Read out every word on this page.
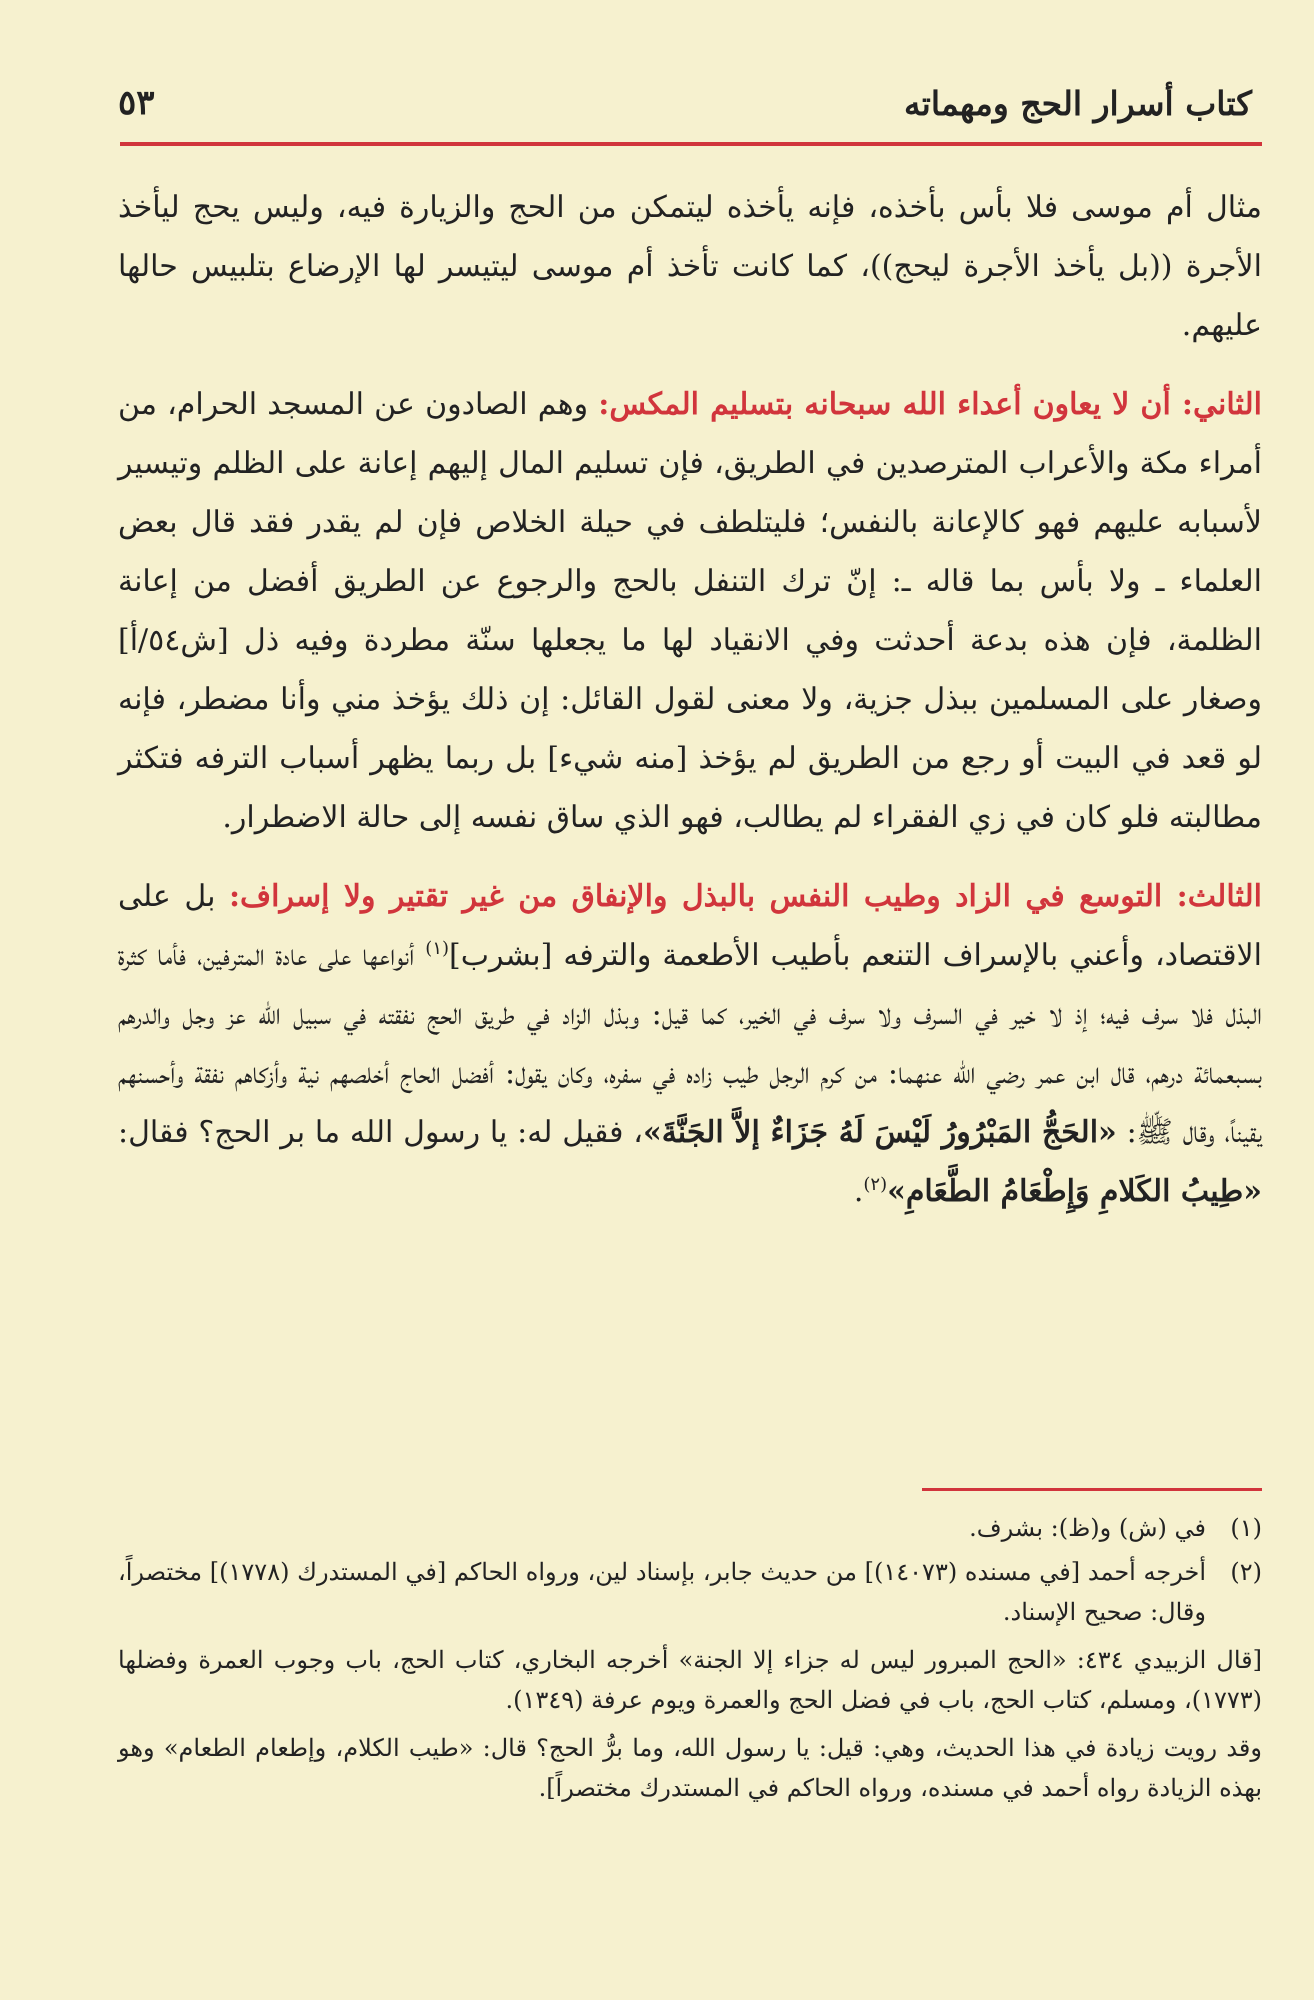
كتاب أسرار الحج ومهماته
٥٣

مثال أم موسى فلا بأس بأخذه، فإنه يأخذه ليتمكن من الحج والزيارة فيه، وليس يحج ليأخذ الأجرة ((بل يأخذ الأجرة ليحج))، كما كانت تأخذ أم موسى ليتيسر لها الإرضاع بتلبيس حالها عليهم.

الثاني: أن لا يعاون أعداء الله سبحانه بتسليم المكس: وهم الصادون عن المسجد الحرام، من أمراء مكة والأعراب المترصدين في الطريق، فإن تسليم المال إليهم إعانة على الظلم وتيسير لأسبابه عليهم فهو كالإعانة بالنفس؛ فليتلطف في حيلة الخلاص فإن لم يقدر فقد قال بعض العلماء ـ ولا بأس بما قاله ـ: إنّ ترك التنفل بالحج والرجوع عن الطريق أفضل من إعانة الظلمة، فإن هذه بدعة أحدثت وفي الانقياد لها ما يجعلها سنّة مطردة وفيه ذل [ش٥٤/أ] وصغار على المسلمين ببذل جزية، ولا معنى لقول القائل: إن ذلك يؤخذ مني وأنا مضطر، فإنه لو قعد في البيت أو رجع من الطريق لم يؤخذ [منه شيء] بل ربما يظهر أسباب الترفه فتكثر مطالبته فلو كان في زي الفقراء لم يطالب، فهو الذي ساق نفسه إلى حالة الاضطرار.

الثالث: التوسع في الزاد وطيب النفس بالبذل والإنفاق من غير تقتير ولا إسراف: بل على الاقتصاد، وأعني بالإسراف التنعم بأطيب الأطعمة والترفه [بشرب]$^{(١)}$ أنواعها على عادة المترفين، فأما كثرة البذل فلا سرف فيه؛ إذ لا خير في السرف ولا سرف في الخير، كما قيل: وبذل الزاد في طريق الحج نفقته في سبيل الله عز وجل والدرهم بسبعمائة درهم، قال ابن عمر رضي الله عنهما: من كرم الرجل طيب زاده في سفره، وكان يقول: أفضل الحاج أخلصهم نية وأزكاهم نفقة وأحسنهم يقيناً، وقال ﷺ: «الحَجُّ المَبْرُورُ لَيْسَ لَهُ جَزَاءٌ إلاَّ الجَنَّةَ»، فقيل له: يا رسول الله ما بر الحج؟ فقال: «طِيبُ الكَلامِ وَإِطْعَامُ الطَّعَامِ»$^{(٢)}$.

(١)
في (ش) و(ظ): بشرف.
(٢)
أخرجه أحمد [في مسنده (١٤٠٧٣)] من حديث جابر، بإسناد لين، ورواه الحاكم [في المستدرك (١٧٧٨)] مختصراً، وقال: صحيح الإسناد.
[قال الزبيدي ٤٣٤: «الحج المبرور ليس له جزاء إلا الجنة» أخرجه البخاري، كتاب الحج، باب وجوب العمرة وفضلها (١٧٧٣)، ومسلم، كتاب الحج، باب في فضل الحج والعمرة ويوم عرفة (١٣٤٩).
وقد رويت زيادة في هذا الحديث، وهي: قيل: يا رسول الله، وما برُّ الحج؟ قال: «طيب الكلام، وإطعام الطعام» وهو بهذه الزيادة رواه أحمد في مسنده، ورواه الحاكم في المستدرك مختصراً].
